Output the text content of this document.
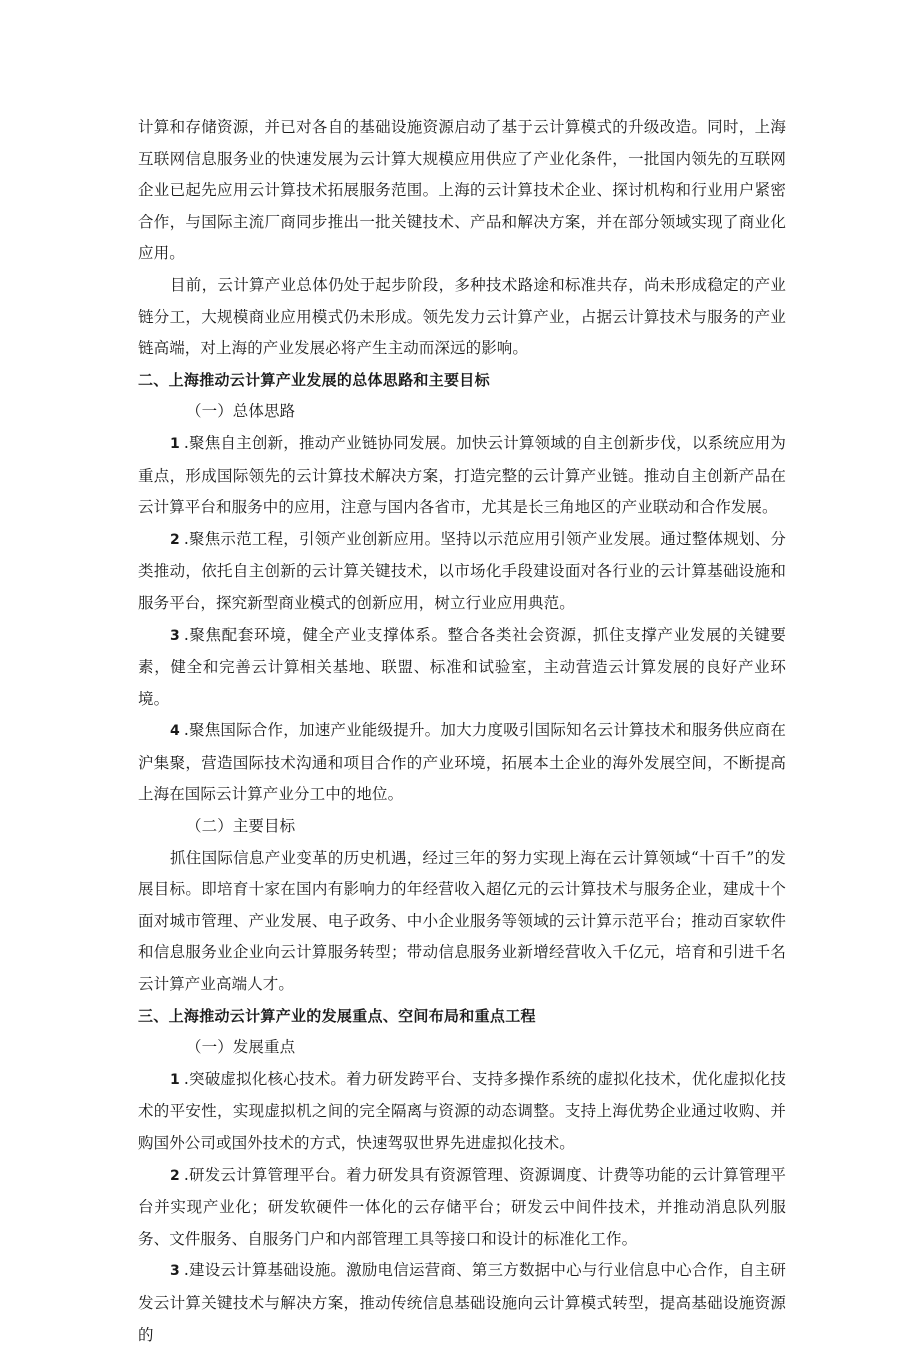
计算和存储资源，并已对各自的基础设施资源启动了基于云计算模式的升级改造。同时，上海互联网信息服务业的快速发展为云计算大规模应用供应了产业化条件，一批国内领先的互联网企业已起先应用云计算技术拓展服务范围。上海的云计算技术企业、探讨机构和行业用户紧密合作，与国际主流厂商同步推出一批关键技术、产品和解决方案，并在部分领域实现了商业化应用。

目前，云计算产业总体仍处于起步阶段，多种技术路途和标准共存，尚未形成稳定的产业链分工，大规模商业应用模式仍未形成。领先发力云计算产业，占据云计算技术与服务的产业链高端，对上海的产业发展必将产生主动而深远的影响。

二、上海推动云计算产业发展的总体思路和主要目标

（一）总体思路

1 .聚焦自主创新，推动产业链协同发展。加快云计算领域的自主创新步伐，以系统应用为重点，形成国际领先的云计算技术解决方案，打造完整的云计算产业链。推动自主创新产品在云计算平台和服务中的应用，注意与国内各省市，尤其是长三角地区的产业联动和合作发展。

2 .聚焦示范工程，引领产业创新应用。坚持以示范应用引领产业发展。通过整体规划、分类推动，依托自主创新的云计算关键技术，以市场化手段建设面对各行业的云计算基础设施和服务平台，探究新型商业模式的创新应用，树立行业应用典范。

3 .聚焦配套环境，健全产业支撑体系。整合各类社会资源，抓住支撑产业发展的关键要素，健全和完善云计算相关基地、联盟、标准和试验室，主动营造云计算发展的良好产业环境。

4 .聚焦国际合作，加速产业能级提升。加大力度吸引国际知名云计算技术和服务供应商在沪集聚，营造国际技术沟通和项目合作的产业环境，拓展本土企业的海外发展空间，不断提高上海在国际云计算产业分工中的地位。

（二）主要目标

抓住国际信息产业变革的历史机遇，经过三年的努力实现上海在云计算领域“十百千”的发展目标。即培育十家在国内有影响力的年经营收入超亿元的云计算技术与服务企业，建成十个面对城市管理、产业发展、电子政务、中小企业服务等领域的云计算示范平台；推动百家软件和信息服务业企业向云计算服务转型；带动信息服务业新增经营收入千亿元，培育和引进千名云计算产业高端人才。

三、上海推动云计算产业的发展重点、空间布局和重点工程

（一）发展重点

1 .突破虚拟化核心技术。着力研发跨平台、支持多操作系统的虚拟化技术，优化虚拟化技术的平安性，实现虚拟机之间的完全隔离与资源的动态调整。支持上海优势企业通过收购、并购国外公司或国外技术的方式，快速驾驭世界先进虚拟化技术。

2 .研发云计算管理平台。着力研发具有资源管理、资源调度、计费等功能的云计算管理平台并实现产业化；研发软硬件一体化的云存储平台；研发云中间件技术，并推动消息队列服务、文件服务、自服务门户和内部管理工具等接口和设计的标准化工作。

3 .建设云计算基础设施。激励电信运营商、第三方数据中心与行业信息中心合作，自主研发云计算关键技术与解决方案，推动传统信息基础设施向云计算模式转型，提高基础设施资源的
